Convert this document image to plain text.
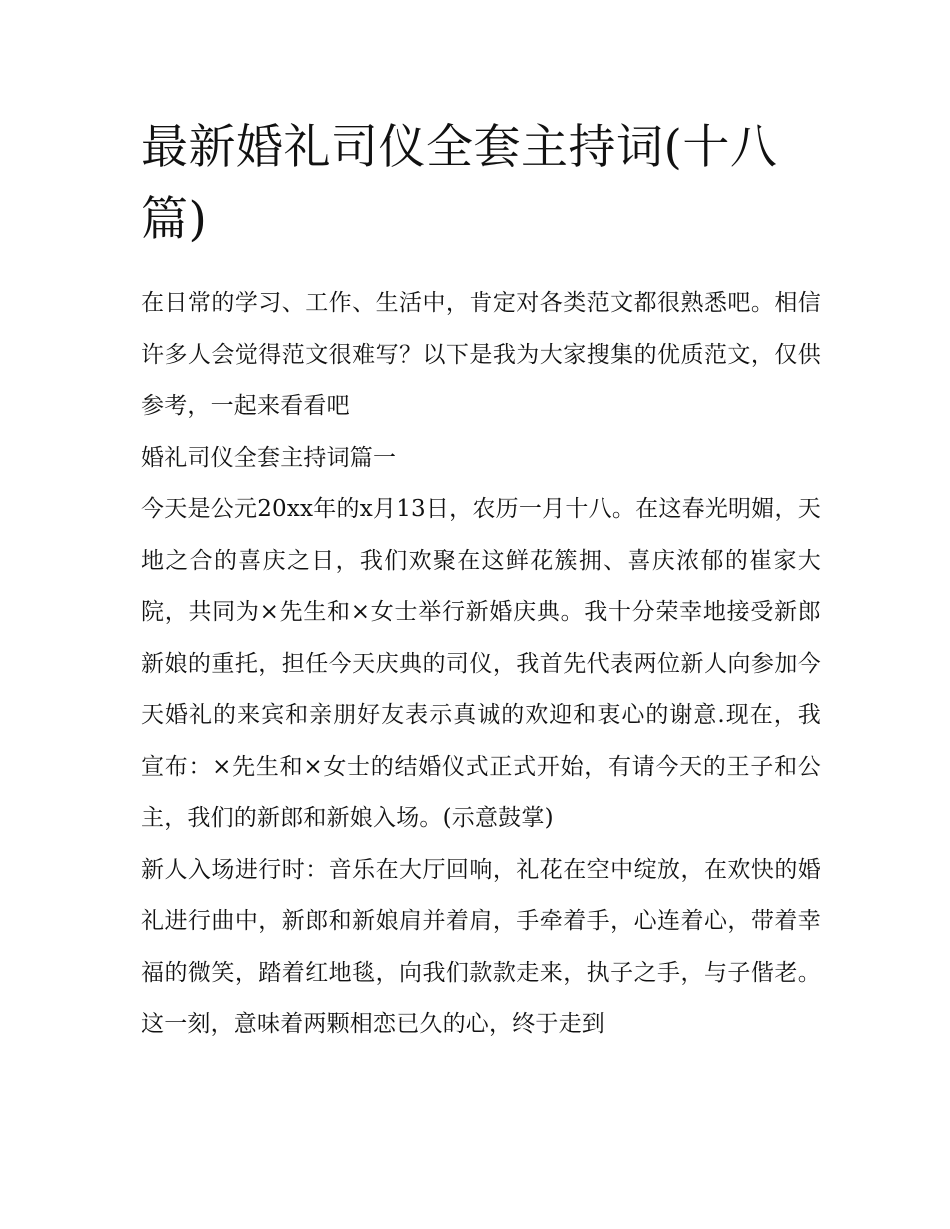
最新婚礼司仪全套主持词(十八篇)

在日常的学习、工作、生活中，肯定对各类范文都很熟悉吧。相信许多人会觉得范文很难写？以下是我为大家搜集的优质范文，仅供参考，一起来看看吧

婚礼司仪全套主持词篇一

今天是公元20xx年的x月13日，农历一月十八。在这春光明媚，天地之合的喜庆之日，我们欢聚在这鲜花簇拥、喜庆浓郁的崔家大院，共同为×先生和×女士举行新婚庆典。我十分荣幸地接受新郎新娘的重托，担任今天庆典的司仪，我首先代表两位新人向参加今天婚礼的来宾和亲朋好友表示真诚的欢迎和衷心的谢意.现在，我宣布：×先生和×女士的结婚仪式正式开始，有请今天的王子和公主，我们的新郎和新娘入场。(示意鼓掌)

新人入场进行时：音乐在大厅回响，礼花在空中绽放，在欢快的婚礼进行曲中，新郎和新娘肩并着肩，手牵着手，心连着心，带着幸福的微笑，踏着红地毯，向我们款款走来，执子之手，与子偕老。这一刻，意味着两颗相恋已久的心，终于走到
